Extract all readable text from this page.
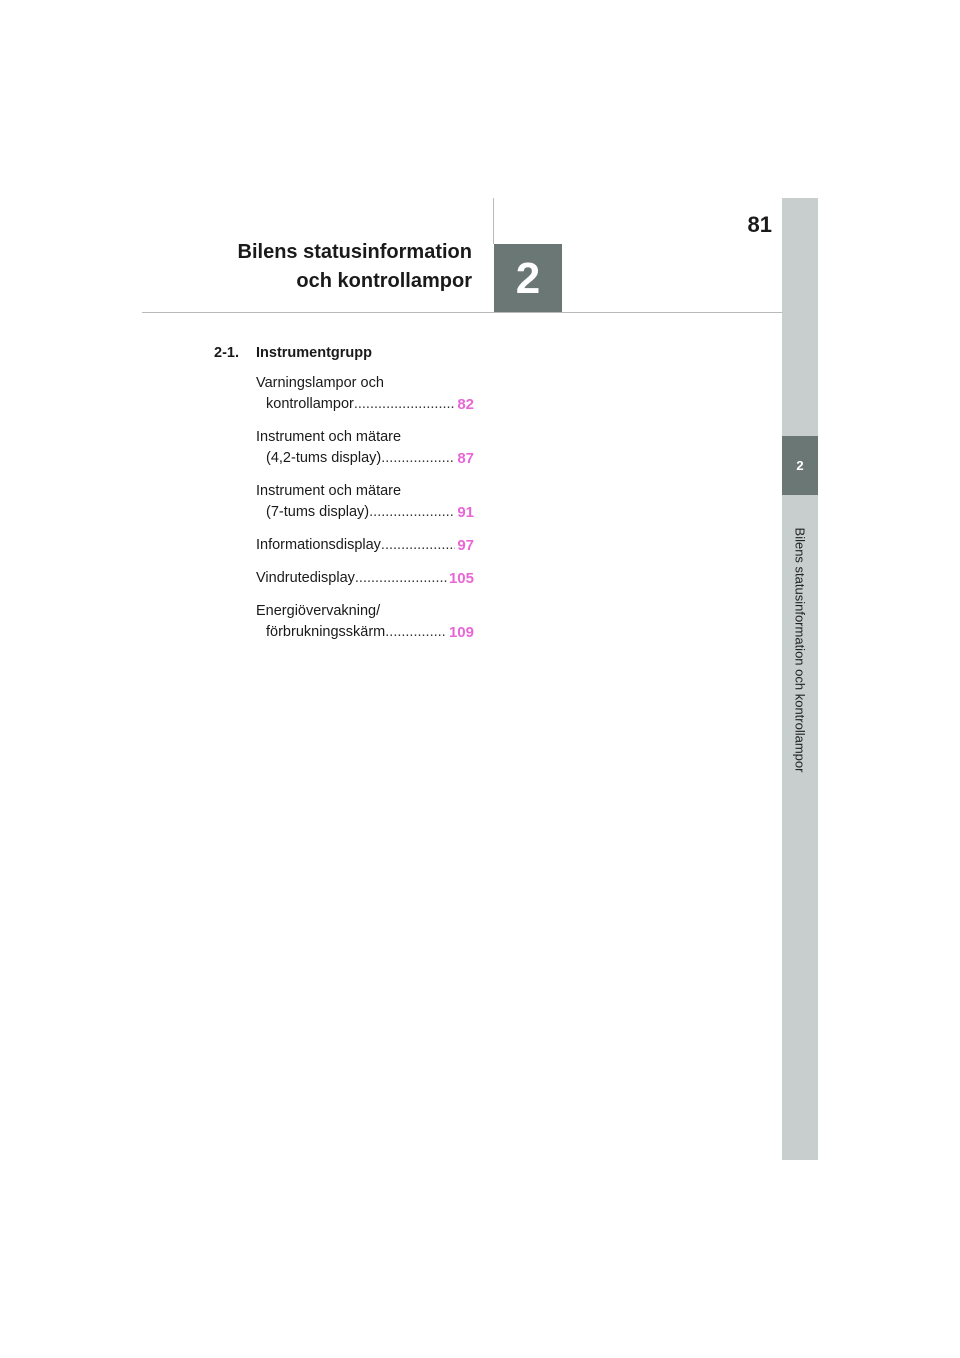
81
Bilens statusinformation
och kontrollampor 2
2
Bilens statusinformation och kontrollampor
2-1. Instrumentgrupp
Varningslampor och
kontrollampor .....	82
Instrument och mätare
(4,2-tums display) .....	87
Instrument och mätare
(7-tums display) .....	91
Informationsdisplay .....	97
Vindrutedisplay .....	105
Energiövervakning/
förbrukningsskärm .....	109
